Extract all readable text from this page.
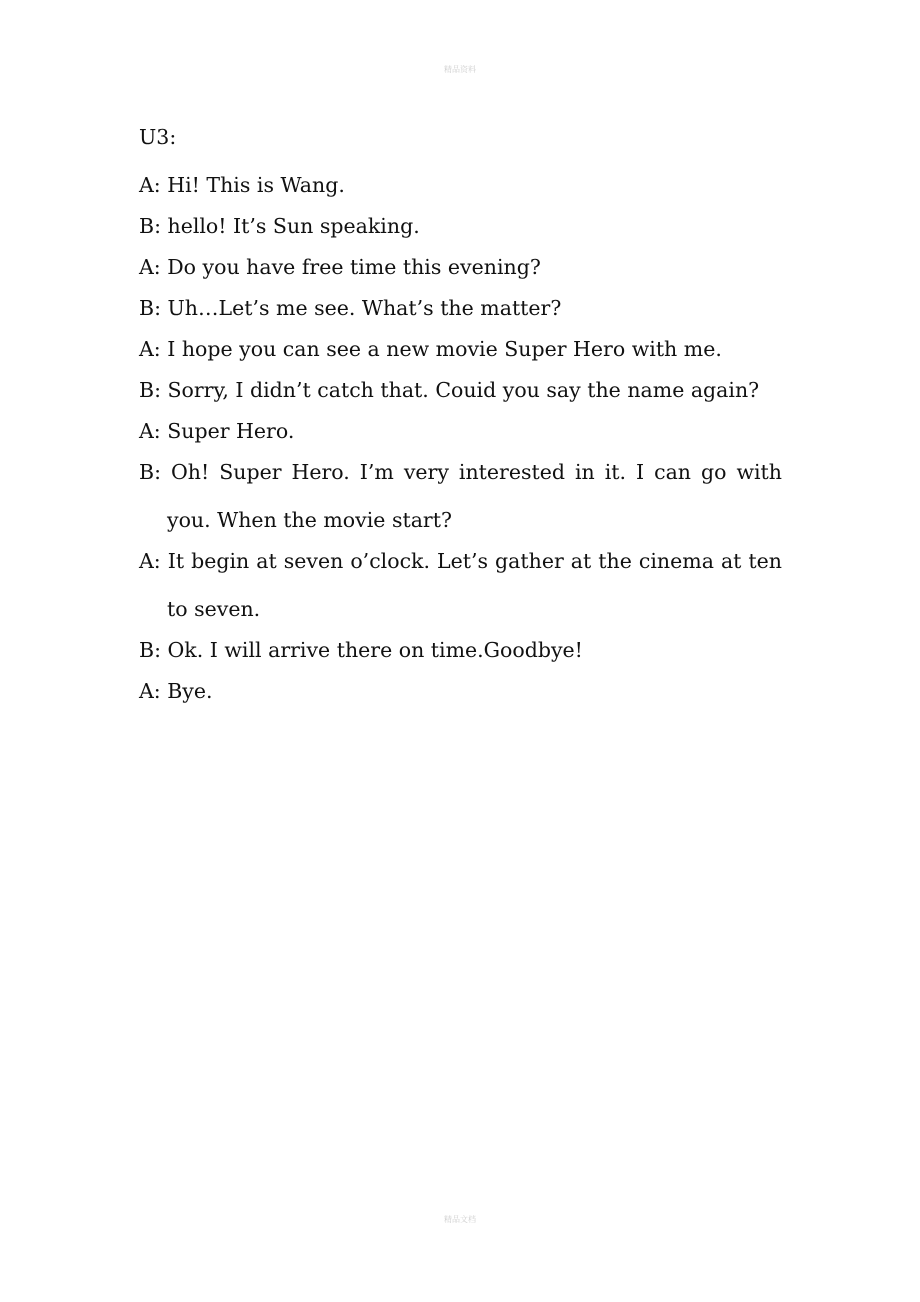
精品资料
U3:

A: Hi! This is Wang.

B: hello! It’s Sun speaking.

A: Do you have free time this evening?

B: Uh…Let’s me see. What’s the matter?

A: I hope you can see a new movie Super Hero with me.

B: Sorry, I didn’t catch that. Couid you say the name again?

A: Super Hero.

B: Oh! Super Hero. I’m very interested in it. I can go with you. When the movie start?

A: It begin at seven o’clock. Let’s gather at the cinema at ten to seven.

B: Ok. I will arrive there on time.Goodbye!

A: Bye.

精品文档
